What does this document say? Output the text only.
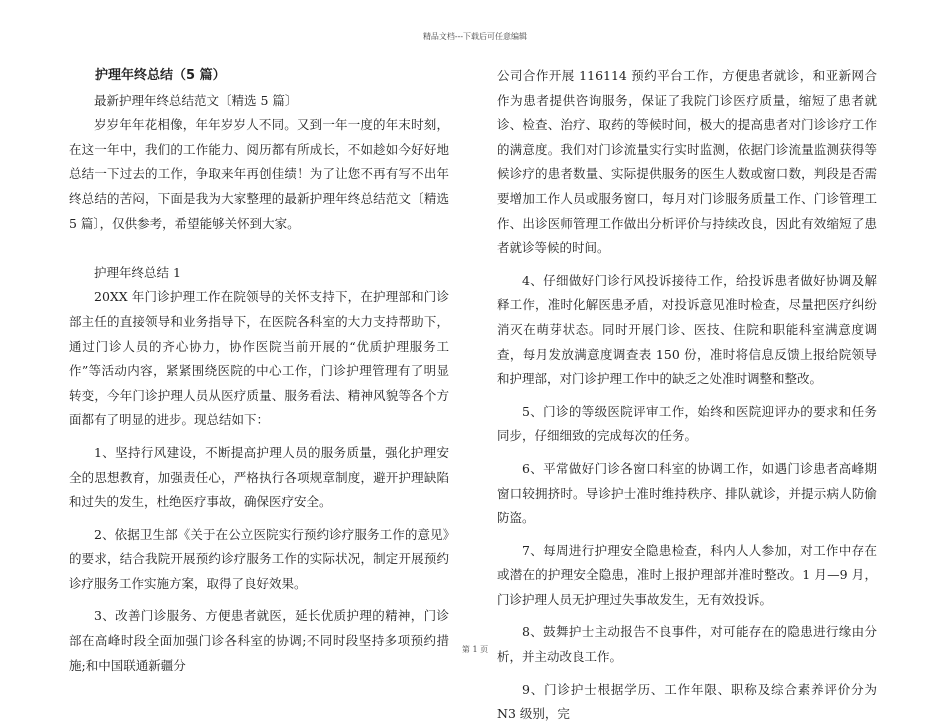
精品文档---下载后可任意编辑

护理年终总结（5 篇）

最新护理年终总结范文〔精选 5 篇〕

岁岁年年花相像，年年岁岁人不同。又到一年一度的年末时刻，在这一年中，我们的工作能力、阅历都有所成长，不如趁如今好好地总结一下过去的工作，争取来年再创佳绩！为了让您不再有写不出年终总结的苦闷，下面是我为大家整理的最新护理年终总结范文〔精选 5 篇〕，仅供参考，希望能够关怀到大家。

护理年终总结 1

20XX 年门诊护理工作在院领导的关怀支持下，在护理部和门诊部主任的直接领导和业务指导下，在医院各科室的大力支持帮助下，通过门诊人员的齐心协力，协作医院当前开展的“优质护理服务工作”等活动内容，紧紧围绕医院的中心工作，门诊护理管理有了明显转变，今年门诊护理人员从医疗质量、服务看法、精神风貌等各个方面都有了明显的进步。现总结如下：

1、坚持行风建设，不断提高护理人员的服务质量，强化护理安全的思想教育，加强责任心，严格执行各项规章制度，避开护理缺陷和过失的发生，杜绝医疗事故，确保医疗安全。

2、依据卫生部《关于在公立医院实行预约诊疗服务工作的意见》的要求，结合我院开展预约诊疗服务工作的实际状况，制定开展预约诊疗服务工作实施方案，取得了良好效果。

3、改善门诊服务、方便患者就医，延长优质护理的精神，门诊部在高峰时段全面加强门诊各科室的协调;不同时段坚持多项预约措施;和中国联通新疆分

公司合作开展 116114 预约平台工作，方便患者就诊，和亚新网合作为患者提供咨询服务，保证了我院门诊医疗质量，缩短了患者就诊、检查、治疗、取药的等候时间，极大的提高患者对门诊诊疗工作的满意度。我们对门诊流量实行实时监测，依据门诊流量监测获得等候诊疗的患者数量、实际提供服务的医生人数或窗口数，判段是否需要增加工作人员或服务窗口，每月对门诊服务质量工作、门诊管理工作、出诊医师管理工作做出分析评价与持续改良，因此有效缩短了患者就诊等候的时间。

4、仔细做好门诊行风投诉接待工作，给投诉患者做好协调及解释工作，准时化解医患矛盾，对投诉意见准时检查，尽量把医疗纠纷消灭在萌芽状态。同时开展门诊、医技、住院和职能科室满意度调查，每月发放满意度调查表 150 份，准时将信息反馈上报给院领导和护理部，对门诊护理工作中的缺乏之处准时调整和整改。

5、门诊的等级医院评审工作，始终和医院迎评办的要求和任务同步，仔细细致的完成每次的任务。

6、平常做好门诊各窗口科室的协调工作，如遇门诊患者高峰期窗口较拥挤时。导诊护士准时维持秩序、排队就诊，并提示病人防偷防盗。

7、每周进行护理安全隐患检查，科内人人参加，对工作中存在或潜在的护理安全隐患，准时上报护理部并准时整改。1 月—9 月，门诊护理人员无护理过失事故发生，无有效投诉。

8、鼓舞护士主动报告不良事件，对可能存在的隐患进行缘由分析，并主动改良工作。

9、门诊护士根据学历、工作年限、职称及综合素养评价分为 N3 级别，完

第 1 页
